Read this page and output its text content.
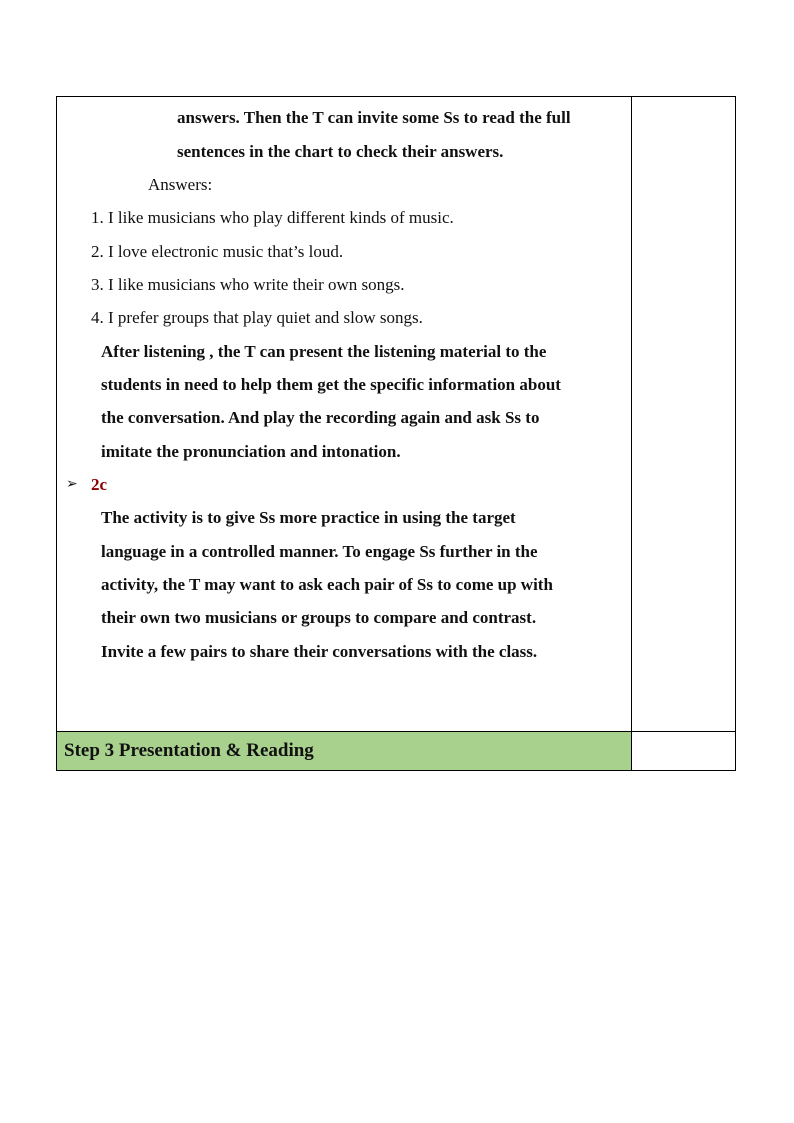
answers. Then the T can invite some Ss to read the full
sentences in the chart to check their answers.
Answers:
1. I like musicians who play different kinds of music.
2. I love electronic music that’s loud.
3. I like musicians who write their own songs.
4. I prefer groups that play quiet and slow songs.
After listening , the T can present the listening material to the
students in need to help them get the specific information about
the conversation. And play the recording again and ask Ss to
imitate the pronunciation and intonation.
➢ 2c
The activity is to give Ss more practice in using the target
language in a controlled manner. To engage Ss further in the
activity, the T may want to ask each pair of Ss to come up with
their own two musicians or groups to compare and contrast.
Invite a few pairs to share their conversations with the class.
Step 3 Presentation & Reading
